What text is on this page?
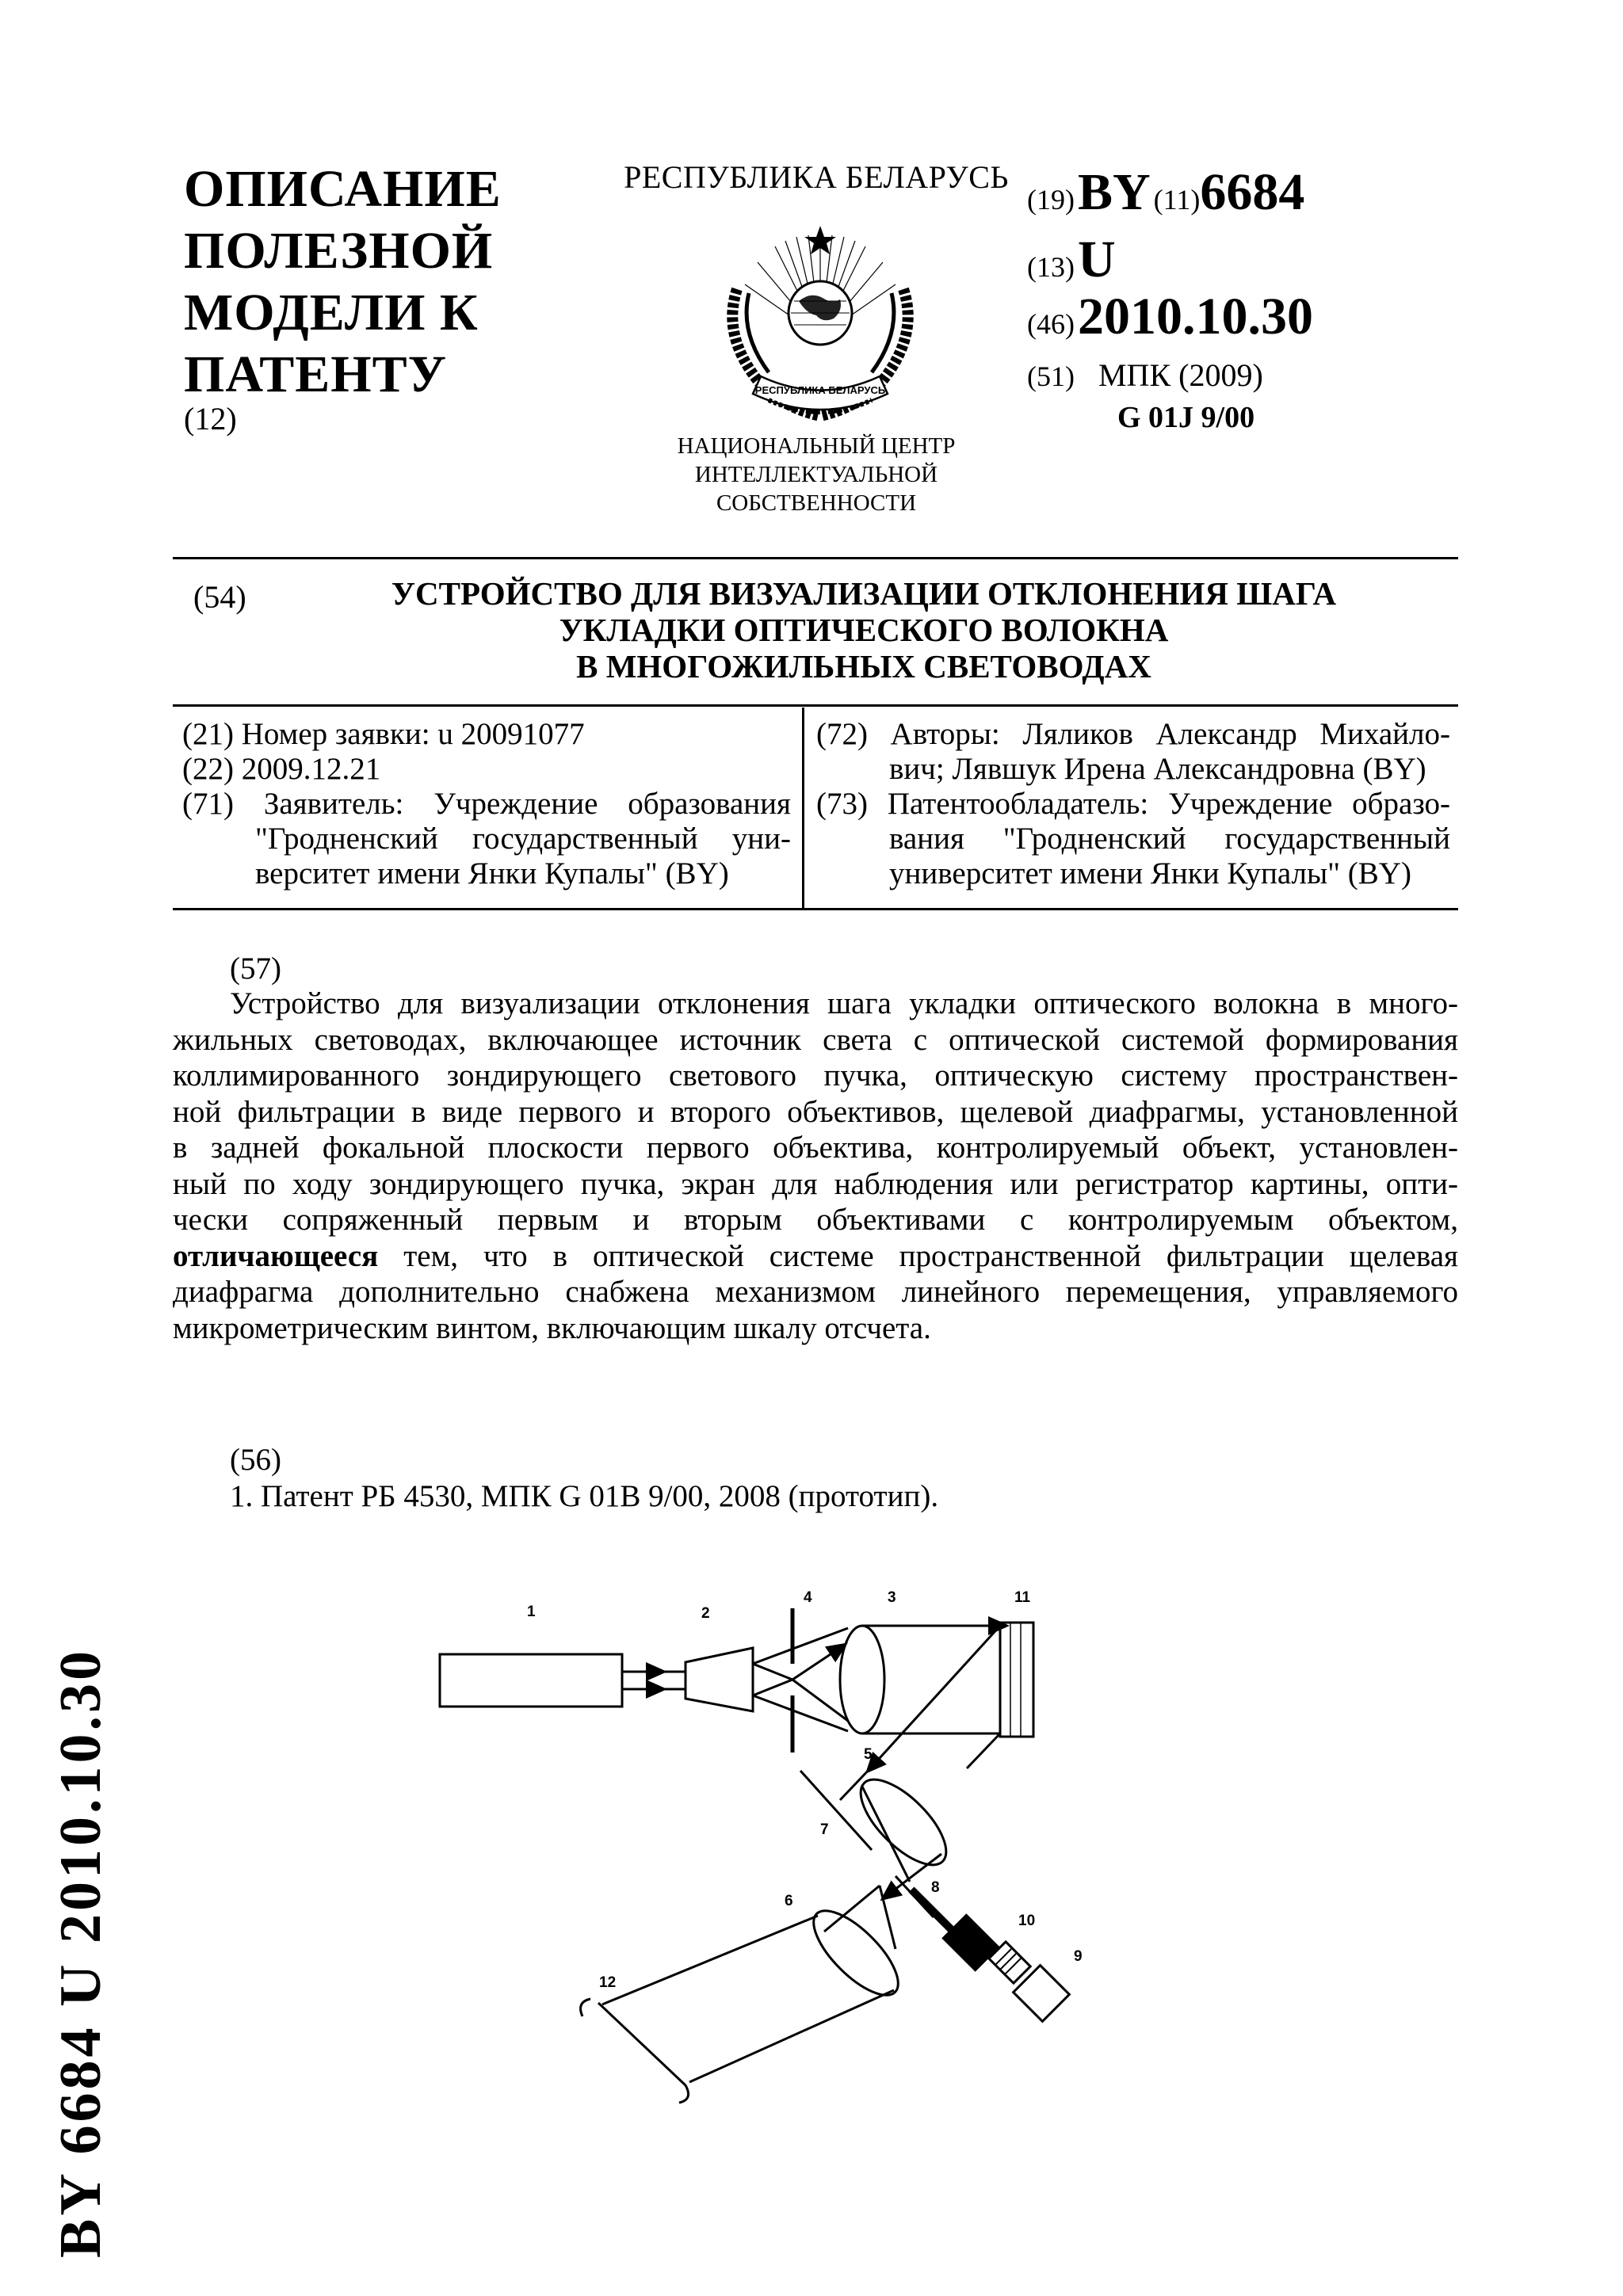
ОПИСАНИЕ
ПОЛЕЗНОЙ
МОДЕЛИ К
ПАТЕНТУ
(12)
РЕСПУБЛИКА БЕЛАРУСЬ
РЕСПУБЛИКА БЕЛАРУСЬ
НАЦИОНАЛЬНЫЙ ЦЕНТР
ИНТЕЛЛЕКТУАЛЬНОЙ
СОБСТВЕННОСТИ
(19) BY (11)6684
(13) U
(46) 2010.10.30
(51) МПК (2009)
G 01J 9/00
(54)	УСТРОЙСТВО ДЛЯ ВИЗУАЛИЗАЦИИ ОТКЛОНЕНИЯ ШАГА
УКЛАДКИ ОПТИЧЕСКОГО ВОЛОКНА
В МНОГОЖИЛЬНЫХ СВЕТОВОДАХ
(21) Номер заявки: u 20091077
(22) 2009.12.21
(71) Заявитель: Учреждение образования
"Гродненский государственный уни-
верситет имени Янки Купалы" (BY)
(72) Авторы: Ляликов Александр Михайло-
вич; Лявшук Ирена Александровна (BY)
(73) Патентообладатель: Учреждение образо-
вания "Гродненский государственный
университет имени Янки Купалы" (BY)
(57)
Устройство для визуализации отклонения шага укладки оптического волокна в много-
жильных световодах, включающее источник света с оптической системой формирования
коллимированного зондирующего светового пучка, оптическую систему пространствен-
ной фильтрации в виде первого и второго объективов, щелевой диафрагмы, установленной
в задней фокальной плоскости первого объектива, контролируемый объект, установлен-
ный по ходу зондирующего пучка, экран для наблюдения или регистратор картины, опти-
чески сопряженный первым и вторым объективами с контролируемым объектом,
отличающееся тем, что в оптической системе пространственной фильтрации щелевая
диафрагма дополнительно снабжена механизмом линейного перемещения, управляемого
микрометрическим винтом, включающим шкалу отсчета.
(56)
1. Патент РБ 4530, МПК G 01B 9/00, 2008 (прототип).
BY 6684 U 2010.10.30
1	2
4	3	11
5
7
6
8
10
9
12
